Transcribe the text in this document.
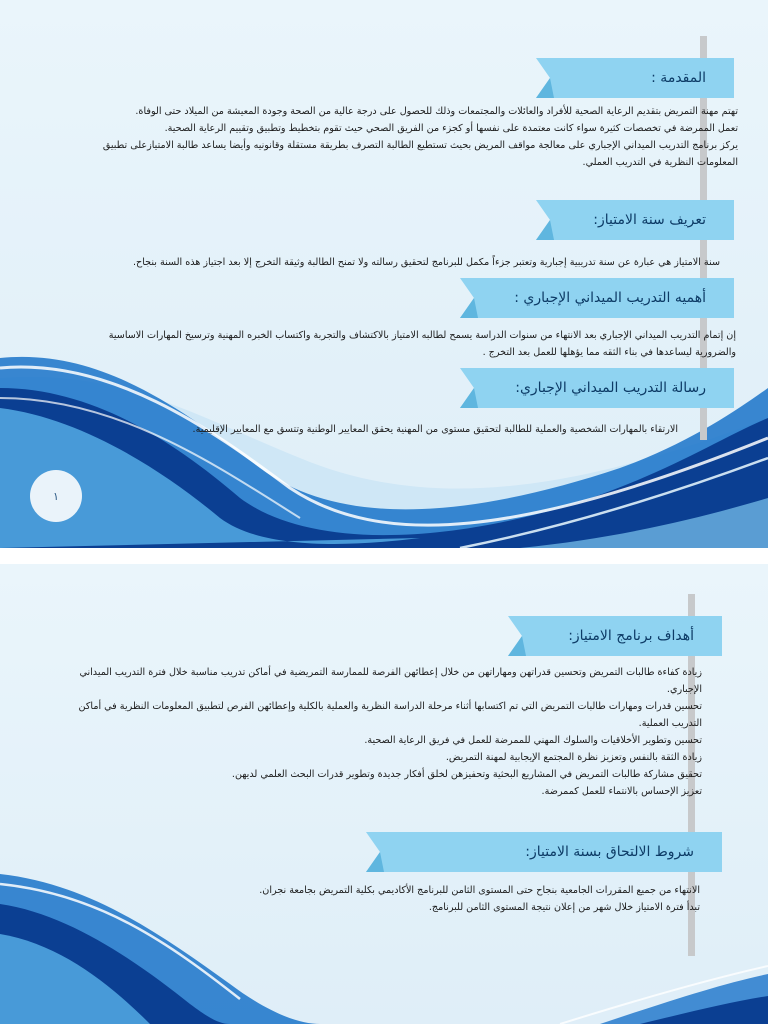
المقدمة :
تهتم مهنة التمريض بتقديم الرعاية الصحية للأفراد والعائلات والمجتمعات وذلك للحصول على درجة عالية من الصحة وجودة المعيشة من الميلاد حتى الوفاة.
تعمل الممرضة في تخصصات كثيرة سواء كانت معتمدة على نفسها أو كجزء من الفريق الصحي حيث تقوم بتخطيط وتطبيق وتقييم الرعاية الصحية.
يركز برنامج التدريب الميداني الإجباري على معالجة مواقف المريض بحيث تستطيع الطالبة التصرف بطريقة مستقلة وقانونيه وأيضا يساعد طالبة الامتيازعلى تطبيق
المعلومات النظرية في التدريب العملي.
تعريف سنة الامتياز:
سنة الامتياز هي عبارة عن سنة تدريبية إجبارية وتعتبر جزءاً مكمل للبرنامج لتحقيق رسالته ولا تمنح الطالبة وثيقة التخرج إلا بعد اجتياز هذه السنة بنجاح.
أهميه التدريب الميداني الإجباري :
إن إتمام التدريب الميداني الإجباري بعد الانتهاء من سنوات الدراسة يسمح لطالبه الامتياز بالاكتشاف والتجربة واكتساب الخبره المهنية وترسيخ المهارات الاساسية
والضرورية ليساعدها في بناء الثقه مما يؤهلها للعمل بعد التخرج .
رسالة التدريب الميداني الإجباري:
الارتقاء بالمهارات الشخصية والعملية للطالبة لتحقيق مستوى من المهنية يحقق المعايير الوطنية وتتسق مع المعايير الإقليمية.
١
أهداف برنامج الامتياز:
زيادة كفاءة طالبات التمريض وتحسين قدراتهن ومهاراتهن من خلال إعطائهن الفرصة للممارسة التمريضية في أماكن تدريب مناسبة خلال فترة التدريب الميداني
الإجباري.
تحسين قدرات ومهارات طالبات التمريض التي تم اكتسابها أثناء مرحلة الدراسة النظرية والعملية بالكلية وإعطائهن الفرص لتطبيق المعلومات النظرية في أماكن
التدريب العملية.
تحسين وتطوير الأخلاقيات والسلوك المهني للممرضة للعمل في فريق الرعاية الصحية.
زيادة الثقة بالنفس وتعزيز نظرة المجتمع الإيجابية لمهنة التمريض.
تحقيق مشاركة طالبات التمريض في المشاريع البحثية وتحفيزهن لخلق أفكار جديدة وتطوير قدرات البحث العلمي لديهن.
تعزيز الإحساس بالانتماء للعمل كممرضة.
شروط الالتحاق بسنة الامتياز:
الانتهاء من جميع المقررات الجامعية بنجاح حتى المستوى الثامن للبرنامج الأكاديمي بكلية التمريض بجامعة نجران.
تبدأ فترة الامتياز خلال شهر من إعلان نتيجة المستوى الثامن للبرنامج.
